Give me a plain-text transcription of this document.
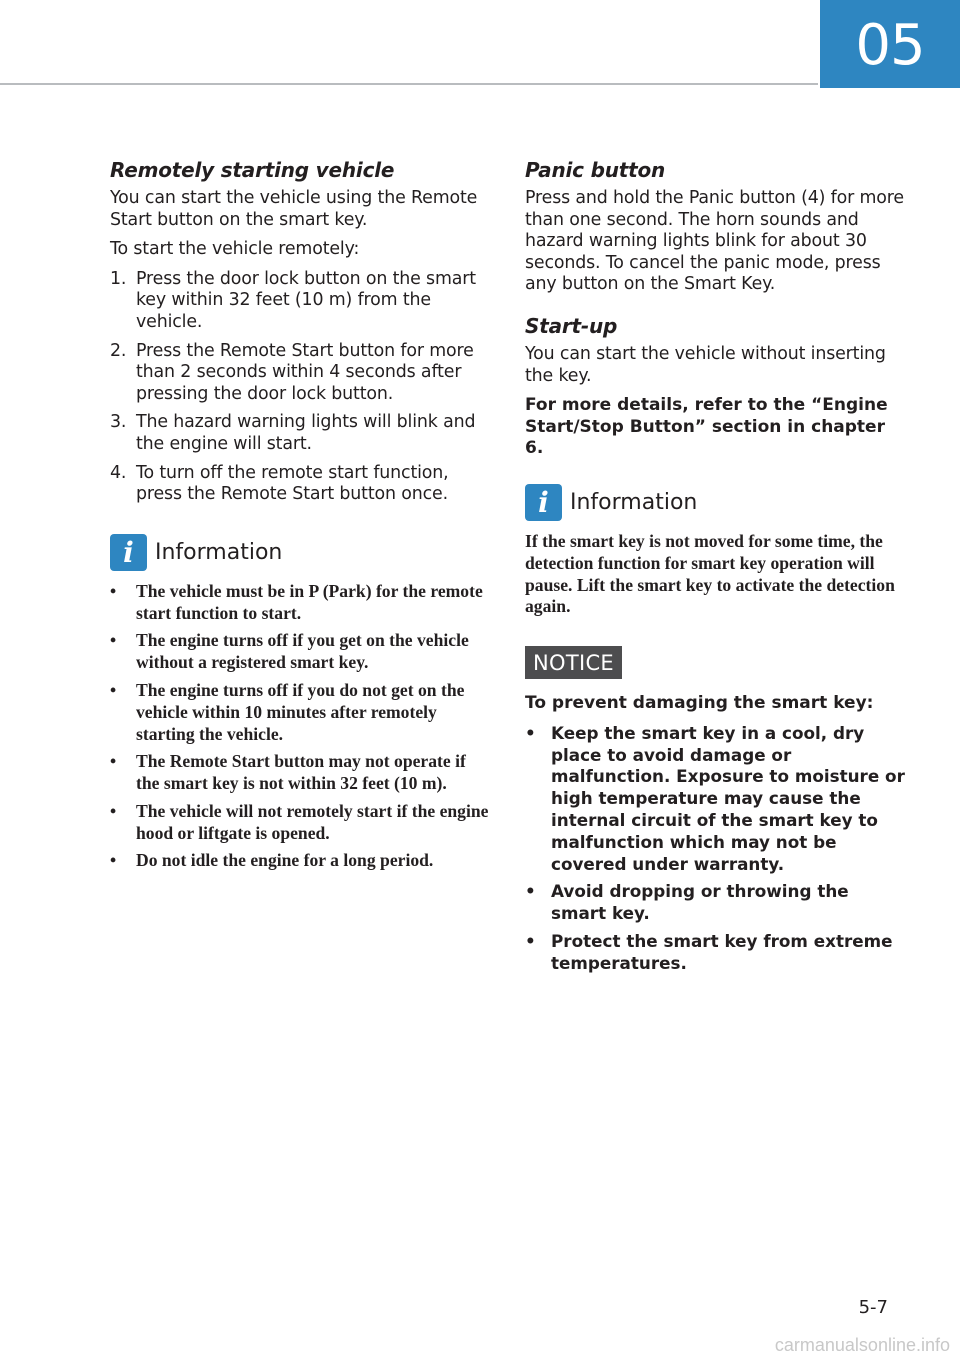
05
Remotely starting vehicle

You can start the vehicle using the Remote Start button on the smart key.

To start the vehicle remotely:

1. Press the door lock button on the smart key within 32 feet (10 m) from the vehicle.
2. Press the Remote Start button for more than 2 seconds within 4 seconds after pressing the door lock button.
3. The hazard warning lights will blink and the engine will start.
4. To turn off the remote start function, press the Remote Start button once.
i Information
•	The vehicle must be in P (Park) for the remote start function to start.
•	The engine turns off if you get on the vehicle without a registered smart key.
•	The engine turns off if you do not get on the vehicle within 10 minutes after remotely starting the vehicle.
•	The Remote Start button may not operate if the smart key is not within 32 feet (10 m).
•	The vehicle will not remotely start if the engine hood or liftgate is opened.
•	Do not idle the engine for a long period.
Panic button

Press and hold the Panic button (4) for more than one second. The horn sounds and hazard warning lights blink for about 30 seconds. To cancel the panic mode, press any button on the Smart Key.

Start-up

You can start the vehicle without inserting the key.

For more details, refer to the “Engine Start/Stop Button” section in chapter 6.

i Information

If the smart key is not moved for some time, the detection function for smart key operation will pause. Lift the smart key to activate the detection again.

NOTICE

To prevent damaging the smart key:

• Keep the smart key in a cool, dry place to avoid damage or malfunction. Exposure to moisture or high temperature may cause the internal circuit of the smart key to malfunction which may not be covered under warranty.
• Avoid dropping or throwing the smart key.
• Protect the smart key from extreme temperatures.
5-7
carmanualsonline.info
